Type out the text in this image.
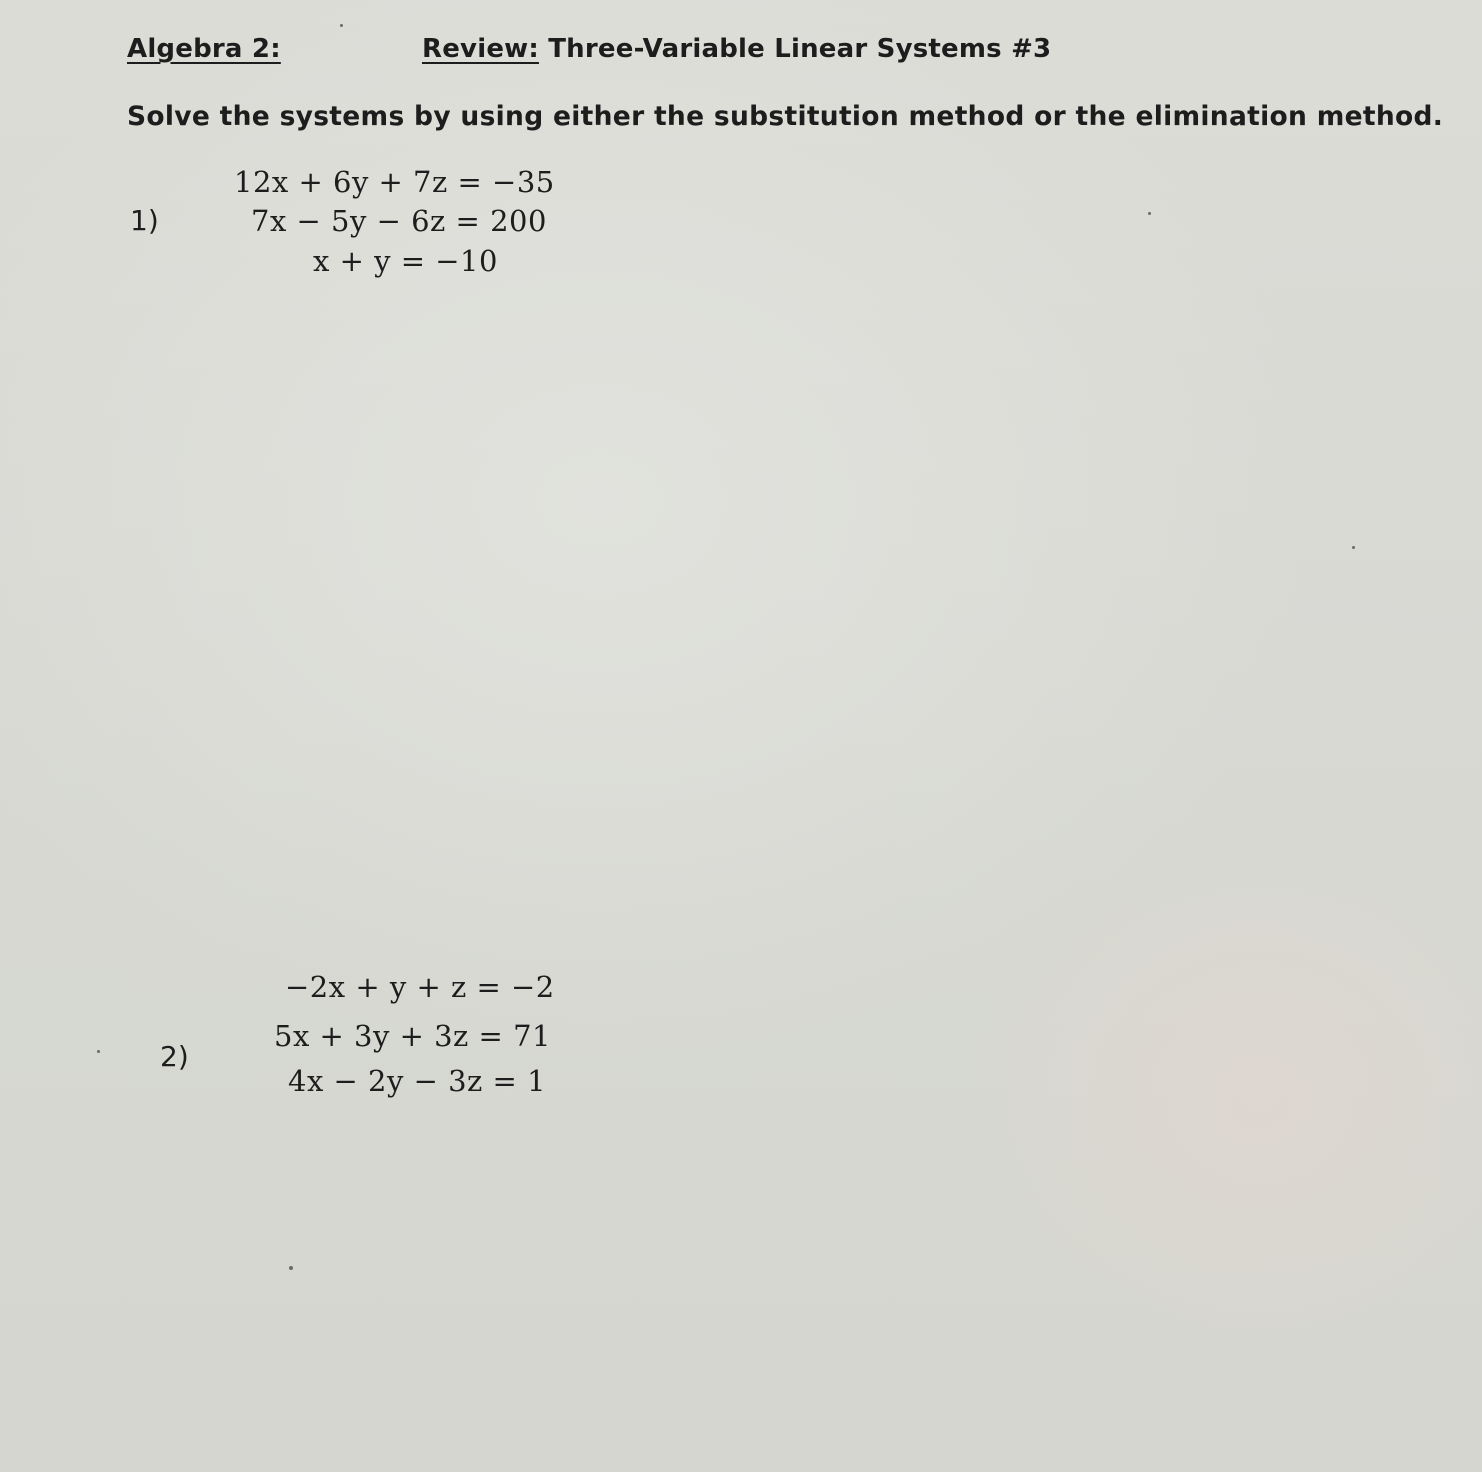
Algebra 2:	Review: Three-Variable Linear Systems #3
Solve the systems by using either the substitution method or the elimination method.
1)
12x + 6y + 7z = −35
7x − 5y − 6z = 200
x + y = −10
2)
−2x + y + z = −2
5x + 3y + 3z = 71
4x − 2y − 3z = 1
